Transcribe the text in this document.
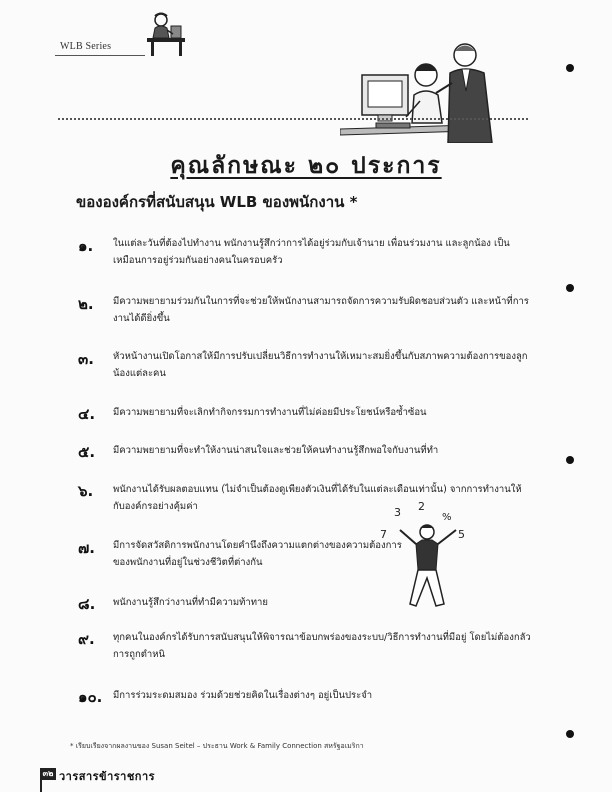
WLB Series
คุณลักษณะ ๒๐ ประการ
ขององค์กรที่สนับสนุน WLB ของพนักงาน *
๑. ในแต่ละวันที่ต้องไปทำงาน พนักงานรู้สึกว่าการได้อยู่ร่วมกับเจ้านาย เพื่อนร่วมงาน และลูกน้อง เป็นเหมือนการอยู่ร่วมกันอย่างคนในครอบครัว
๒. มีความพยายามร่วมกันในการที่จะช่วยให้พนักงานสามารถจัดการความรับผิดชอบส่วนตัว และหน้าที่การงานได้ดียิ่งขึ้น
๓. หัวหน้างานเปิดโอกาสให้มีการปรับเปลี่ยนวิธีการทำงานให้เหมาะสมยิ่งขึ้นกับสภาพความต้องการของลูกน้องแต่ละคน
๔. มีความพยายามที่จะเลิกทำกิจกรรมการทำงานที่ไม่ค่อยมีประโยชน์หรือซ้ำซ้อน
๕. มีความพยายามที่จะทำให้งานน่าสนใจและช่วยให้คนทำงานรู้สึกพอใจกับงานที่ทำ
๖. พนักงานได้รับผลตอบแทน (ไม่จำเป็นต้องดูเพียงตัวเงินที่ได้รับในแต่ละเดือนเท่านั้น) จากการทำงานให้กับองค์กรอย่างคุ้มค่า
๗. มีการจัดสวัสดิการพนักงานโดยคำนึงถึงความแตกต่างของความต้องการของพนักงานที่อยู่ในช่วงชีวิตที่ต่างกัน
๘. พนักงานรู้สึกว่างานที่ทำมีความท้าทาย
๙. ทุกคนในองค์กรได้รับการสนับสนุนให้พิจารณาข้อบกพร่องของระบบ/วิธีการทำงานที่มีอยู่ โดยไม่ต้องกลัวการถูกตำหนิ
๑๐. มีการร่วมระดมสมอง ร่วมด้วยช่วยคิดในเรื่องต่างๆ อยู่เป็นประจำ
3 2
%
7	5
* เรียบเรียงจากผลงานของ Susan Seitel – ประธาน Work & Family Connection สหรัฐอเมริกา
๓๒ วารสารข้าราชการ
